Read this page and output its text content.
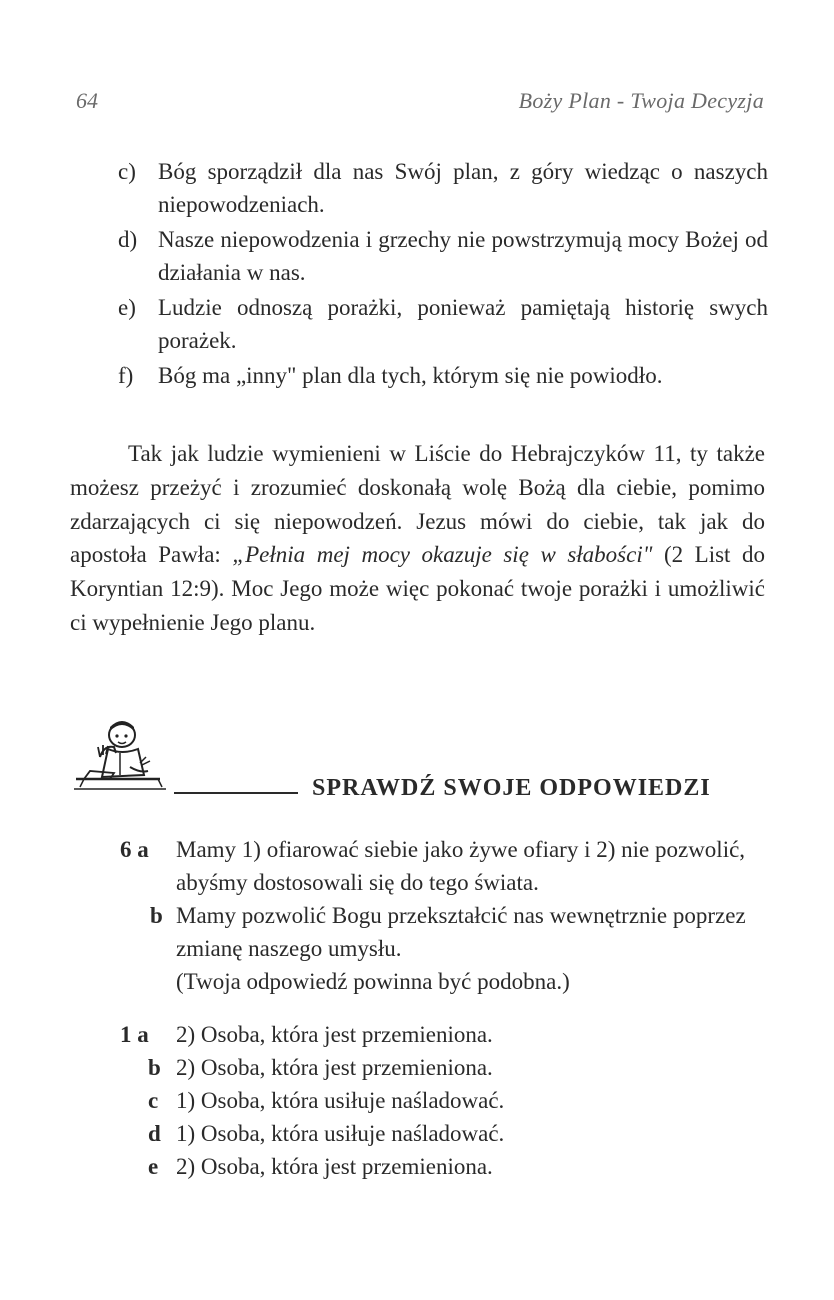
64	Boży Plan - Twoja Decyzja
c) Bóg sporządził dla nas Swój plan, z góry wiedząc o naszych niepowodzeniach.
d) Nasze niepowodzenia i grzechy nie powstrzymują mocy Bożej od działania w nas.
e) Ludzie odnoszą porażki, ponieważ pamiętają historię swych porażek.
f) Bóg ma „inny" plan dla tych, którym się nie powiodło.
Tak jak ludzie wymienieni w Liście do Hebrajczyków 11, ty także możesz przeżyć i zrozumieć doskonałą wolę Bożą dla ciebie, pomimo zdarzających ci się niepowodzeń. Jezus mówi do ciebie, tak jak do apostoła Pawła: „Pełnia mej mocy okazuje się w słabości" (2 List do Koryntian 12:9). Moc Jego może więc pokonać twoje porażki i umożliwić ci wypełnienie Jego planu.
SPRAWDŹ SWOJE ODPOWIEDZI
6 a Mamy 1) ofiarować siebie jako żywe ofiary i 2) nie pozwolić, abyśmy dostosowali się do tego świata.
b Mamy pozwolić Bogu przekształcić nas wewnętrznie poprzez zmianę naszego umysłu.
(Twoja odpowiedź powinna być podobna.)
1 a 2) Osoba, która jest przemieniona.
b 2) Osoba, która jest przemieniona.
c 1) Osoba, która usiłuje naśladować.
d 1) Osoba, która usiłuje naśladować.
e 2) Osoba, która jest przemieniona.
